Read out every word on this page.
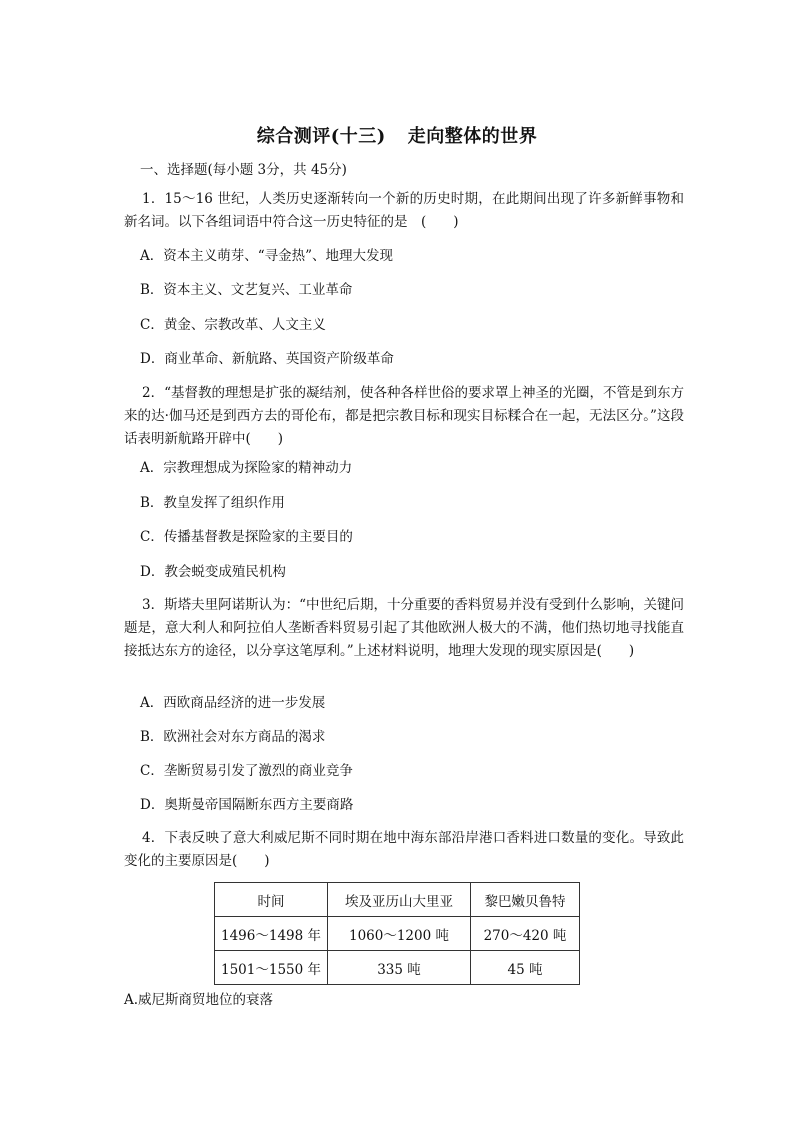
综合测评(十三) 走向整体的世界
一、选择题(每小题 3分，共 45分)
1．15～16 世纪，人类历史逐渐转向一个新的历史时期，在此期间出现了许多新鲜事物和新名词。以下各组词语中符合这一历史特征的是　(　　)
A．资本主义萌芽、“寻金热”、地理大发现
B．资本主义、文艺复兴、工业革命
C．黄金、宗教改革、人文主义
D．商业革命、新航路、英国资产阶级革命
2．“基督教的理想是扩张的凝结剂，使各种各样世俗的要求罩上神圣的光圈，不管是到东方来的达·伽马还是到西方去的哥伦布，都是把宗教目标和现实目标糅合在一起，无法区分。”这段话表明新航路开辟中(　　)
A．宗教理想成为探险家的精神动力
B．教皇发挥了组织作用
C．传播基督教是探险家的主要目的
D．教会蜕变成殖民机构
3．斯塔夫里阿诺斯认为：“中世纪后期，十分重要的香料贸易并没有受到什么影响，关键问题是，意大利人和阿拉伯人垄断香料贸易引起了其他欧洲人极大的不满，他们热切地寻找能直接抵达东方的途径，以分享这笔厚利。”上述材料说明，地理大发现的现实原因是(　　)
A．西欧商品经济的进一步发展
B．欧洲社会对东方商品的渴求
C．垄断贸易引发了激烈的商业竞争
D．奥斯曼帝国隔断东西方主要商路
4．下表反映了意大利威尼斯不同时期在地中海东部沿岸港口香料进口数量的变化。导致此变化的主要原因是(　　)
时间	埃及亚历山大里亚	黎巴嫩贝鲁特
1496～1498 年	1060～1200 吨	270～420 吨
1501～1550 年	335 吨	45 吨
A.威尼斯商贸地位的衰落
